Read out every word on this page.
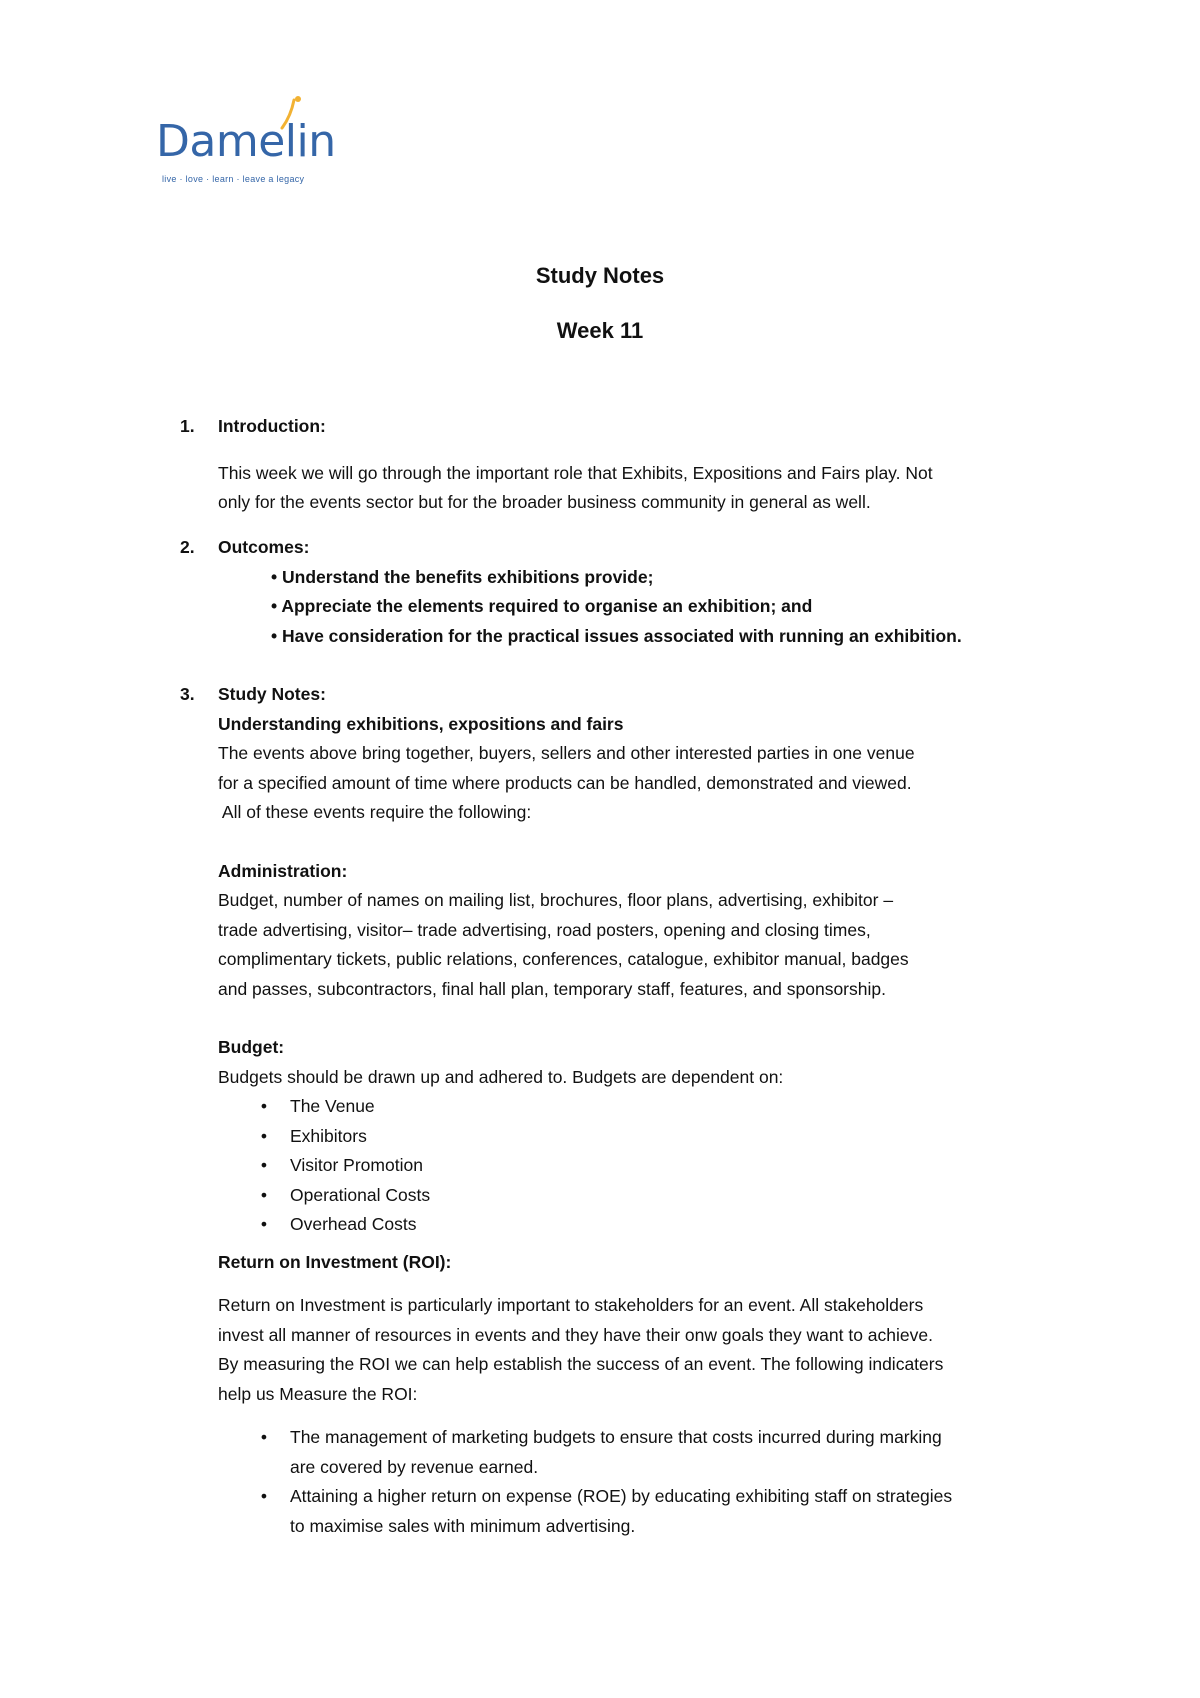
Damelin
live · love · learn · leave a legacy
Study Notes
Week 11
1. Introduction:
This week we will go through the important role that Exhibits, Expositions and Fairs play. Not
only for the events sector but for the broader business community in general as well.
2. Outcomes:
• Understand the benefits exhibitions provide;
• Appreciate the elements required to organise an exhibition; and
• Have consideration for the practical issues associated with running an exhibition.
3. Study Notes:
Understanding exhibitions, expositions and fairs
The events above bring together, buyers, sellers and other interested parties in one venue
for a specified amount of time where products can be handled, demonstrated and viewed.
All of these events require the following:
Administration:
Budget, number of names on mailing list, brochures, floor plans, advertising, exhibitor –
trade advertising, visitor– trade advertising, road posters, opening and closing times,
complimentary tickets, public relations, conferences, catalogue, exhibitor manual, badges
and passes, subcontractors, final hall plan, temporary staff, features, and sponsorship.
Budget:
Budgets should be drawn up and adhered to. Budgets are dependent on:
•	The Venue
•	Exhibitors
•	Visitor Promotion
•	Operational Costs
•	Overhead Costs
Return on Investment (ROI):
Return on Investment is particularly important to stakeholders for an event. All stakeholders
invest all manner of resources in events and they have their onw goals they want to achieve.
By measuring the ROI we can help establish the success of an event. The following indicaters
help us Measure the ROI:
•	The management of marketing budgets to ensure that costs incurred during marking
are covered by revenue earned.
•	Attaining a higher return on expense (ROE) by educating exhibiting staff on strategies
to maximise sales with minimum advertising.
